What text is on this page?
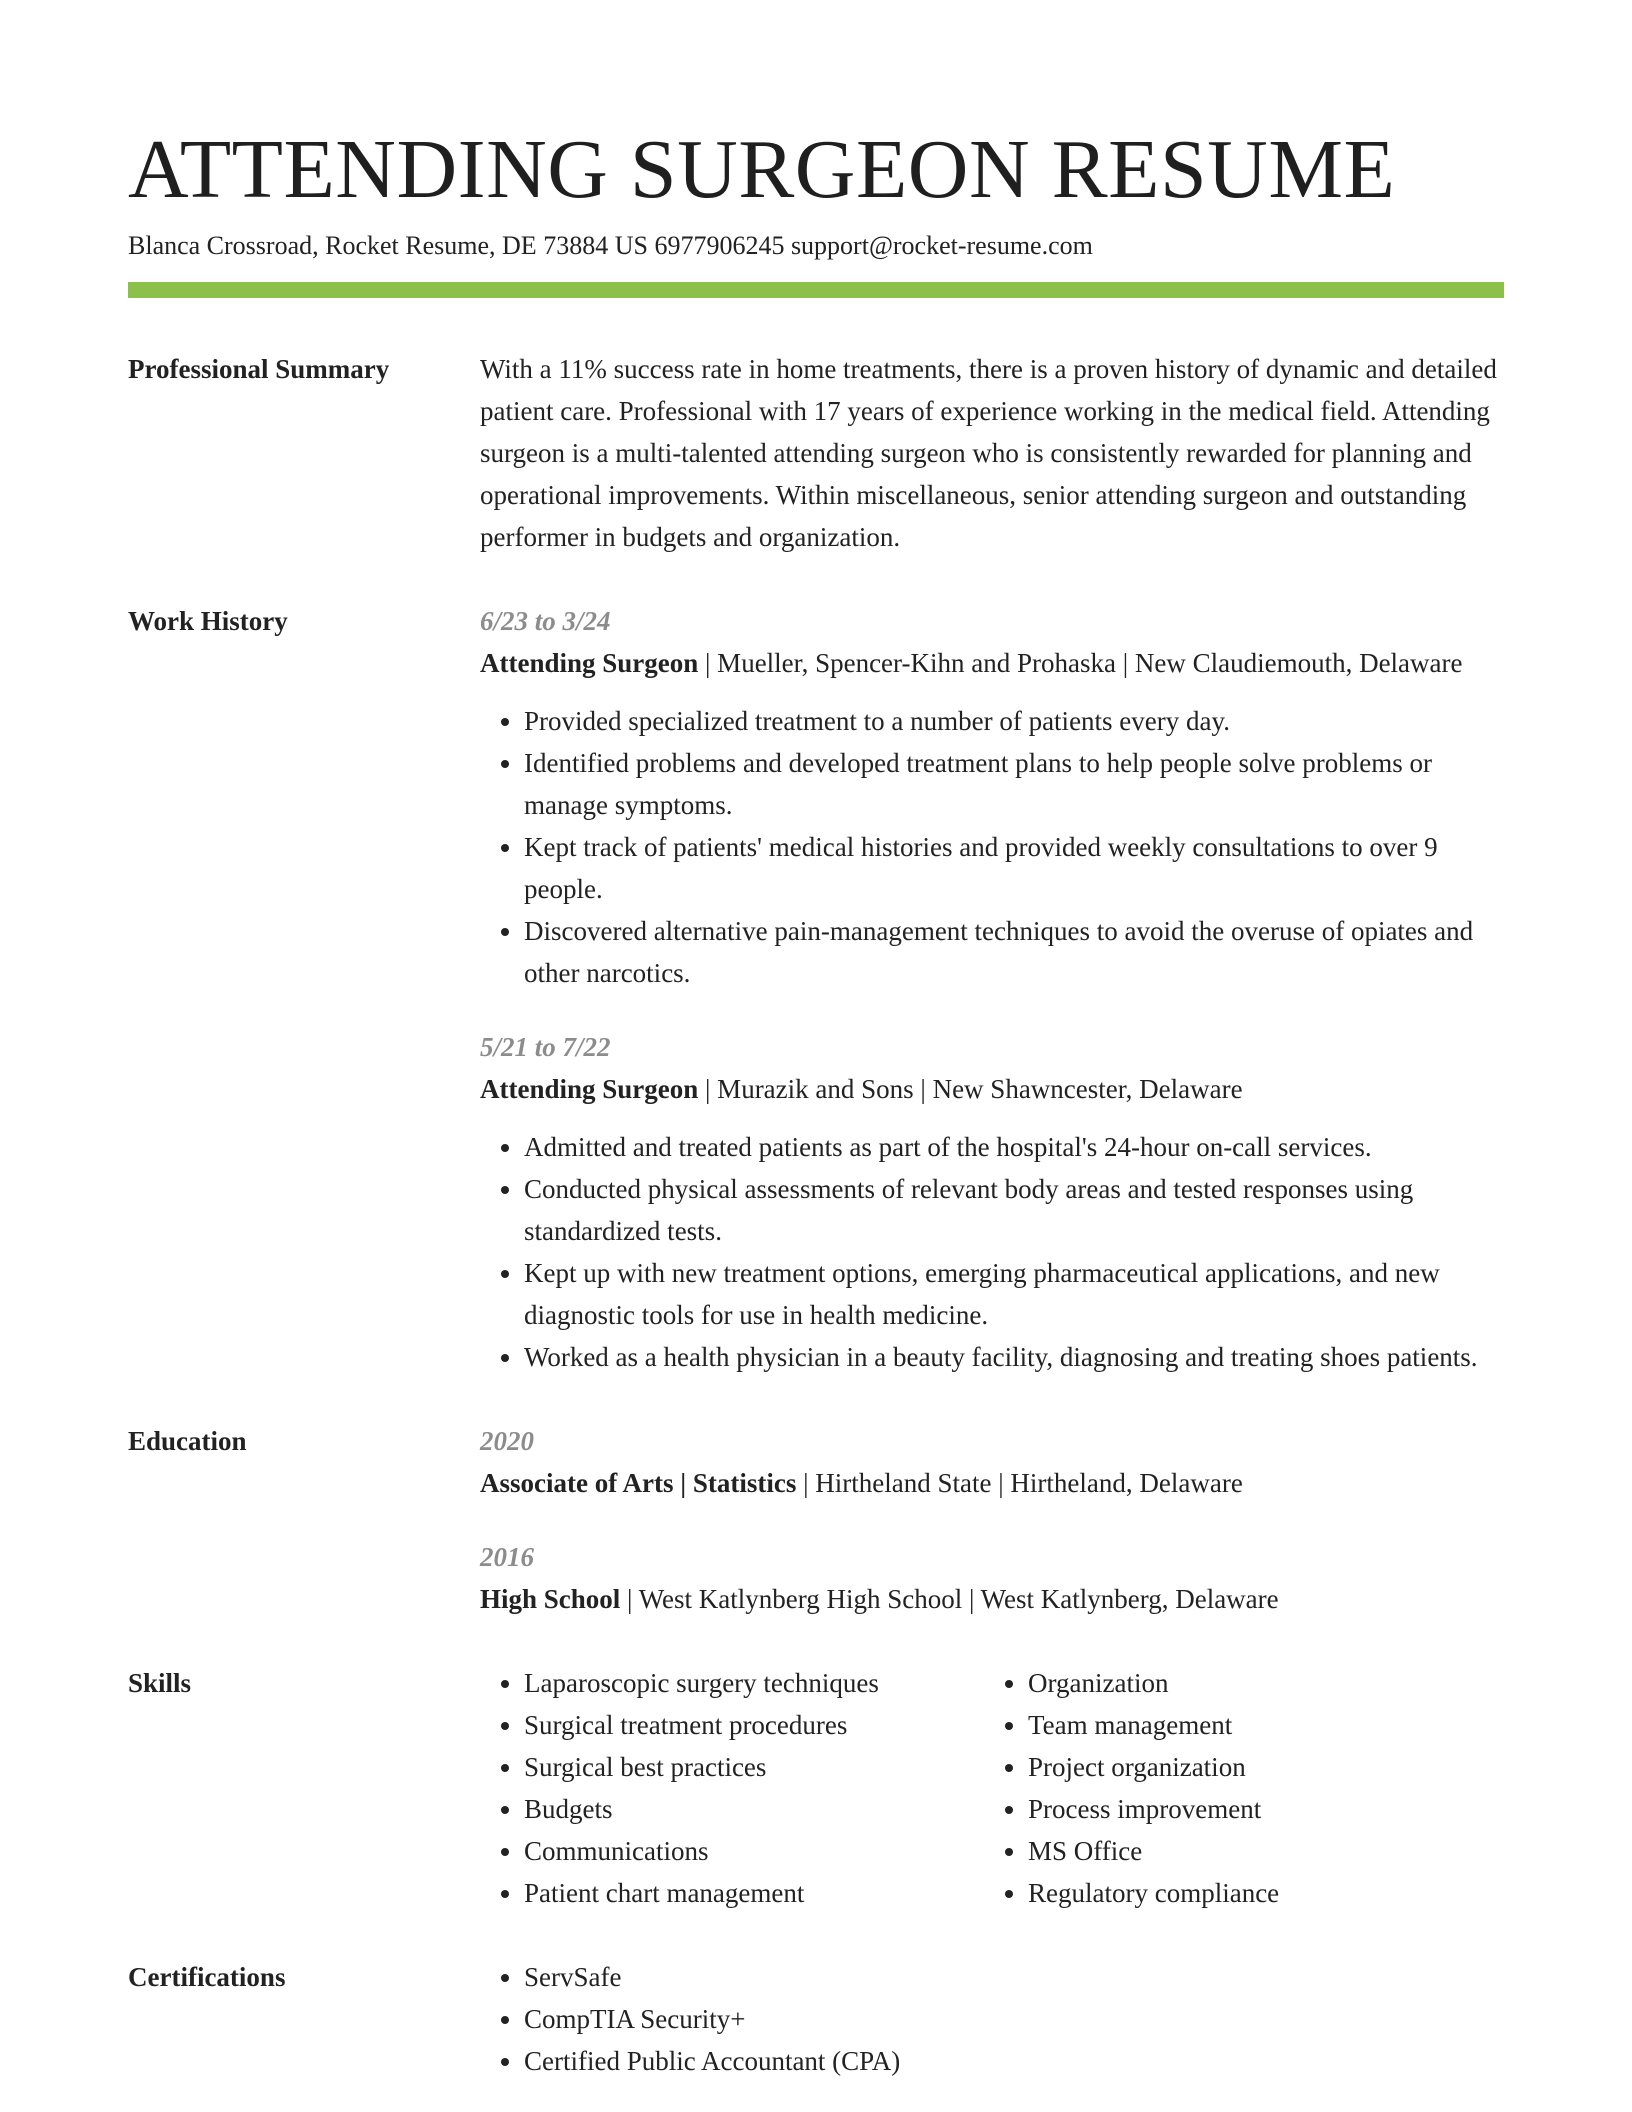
ATTENDING SURGEON RESUME
Blanca Crossroad, Rocket Resume, DE 73884 US 6977906245 support@rocket-resume.com
Professional Summary	With a 11% success rate in home treatments, there is a proven history of dynamic and detailed patient care. Professional with 17 years of experience working in the medical field. Attending surgeon is a multi-talented attending surgeon who is consistently rewarded for planning and operational improvements. Within miscellaneous, senior attending surgeon and outstanding performer in budgets and organization.

Work History	6/23 to 3/24
Attending Surgeon | Mueller, Spencer-Kihn and Prohaska | New Claudiemouth, Delaware
• Provided specialized treatment to a number of patients every day.
• Identified problems and developed treatment plans to help people solve problems or manage symptoms.
• Kept track of patients' medical histories and provided weekly consultations to over 9 people.
• Discovered alternative pain-management techniques to avoid the overuse of opiates and other narcotics.
5/21 to 7/22
Attending Surgeon | Murazik and Sons | New Shawncester, Delaware
• Admitted and treated patients as part of the hospital's 24-hour on-call services.
• Conducted physical assessments of relevant body areas and tested responses using standardized tests.
• Kept up with new treatment options, emerging pharmaceutical applications, and new diagnostic tools for use in health medicine.
• Worked as a health physician in a beauty facility, diagnosing and treating shoes patients.
Education	2020
Associate of Arts | Statistics | Hirtheland State | Hirtheland, Delaware
2016
High School | West Katlynberg High School | West Katlynberg, Delaware
Skills	• Laparoscopic surgery techniques
• Surgical treatment procedures
• Surgical best practices
• Budgets
• Communications
• Patient chart management
• Organization
• Team management
• Project organization
• Process improvement
• MS Office
• Regulatory compliance
Certifications	• ServSafe
• CompTIA Security+
• Certified Public Accountant (CPA)
